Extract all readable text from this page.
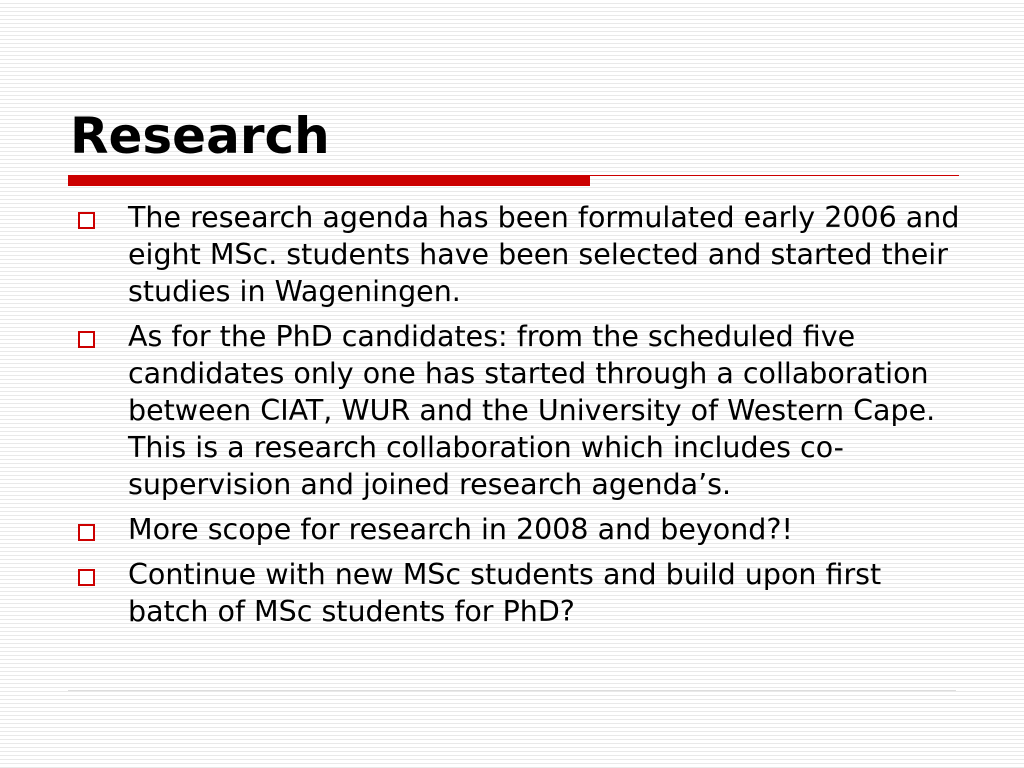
Research
The research agenda has been formulated early 2006 and eight MSc. students have been selected and started their studies in Wageningen.
As for the PhD candidates: from the scheduled five candidates only one has started through a collaboration between CIAT, WUR and the University of Western Cape. This is a research collaboration which includes co-supervision and joined research agenda’s.
More scope for research in 2008 and beyond?!
Continue with new MSc students and build upon first batch of MSc students for PhD?
